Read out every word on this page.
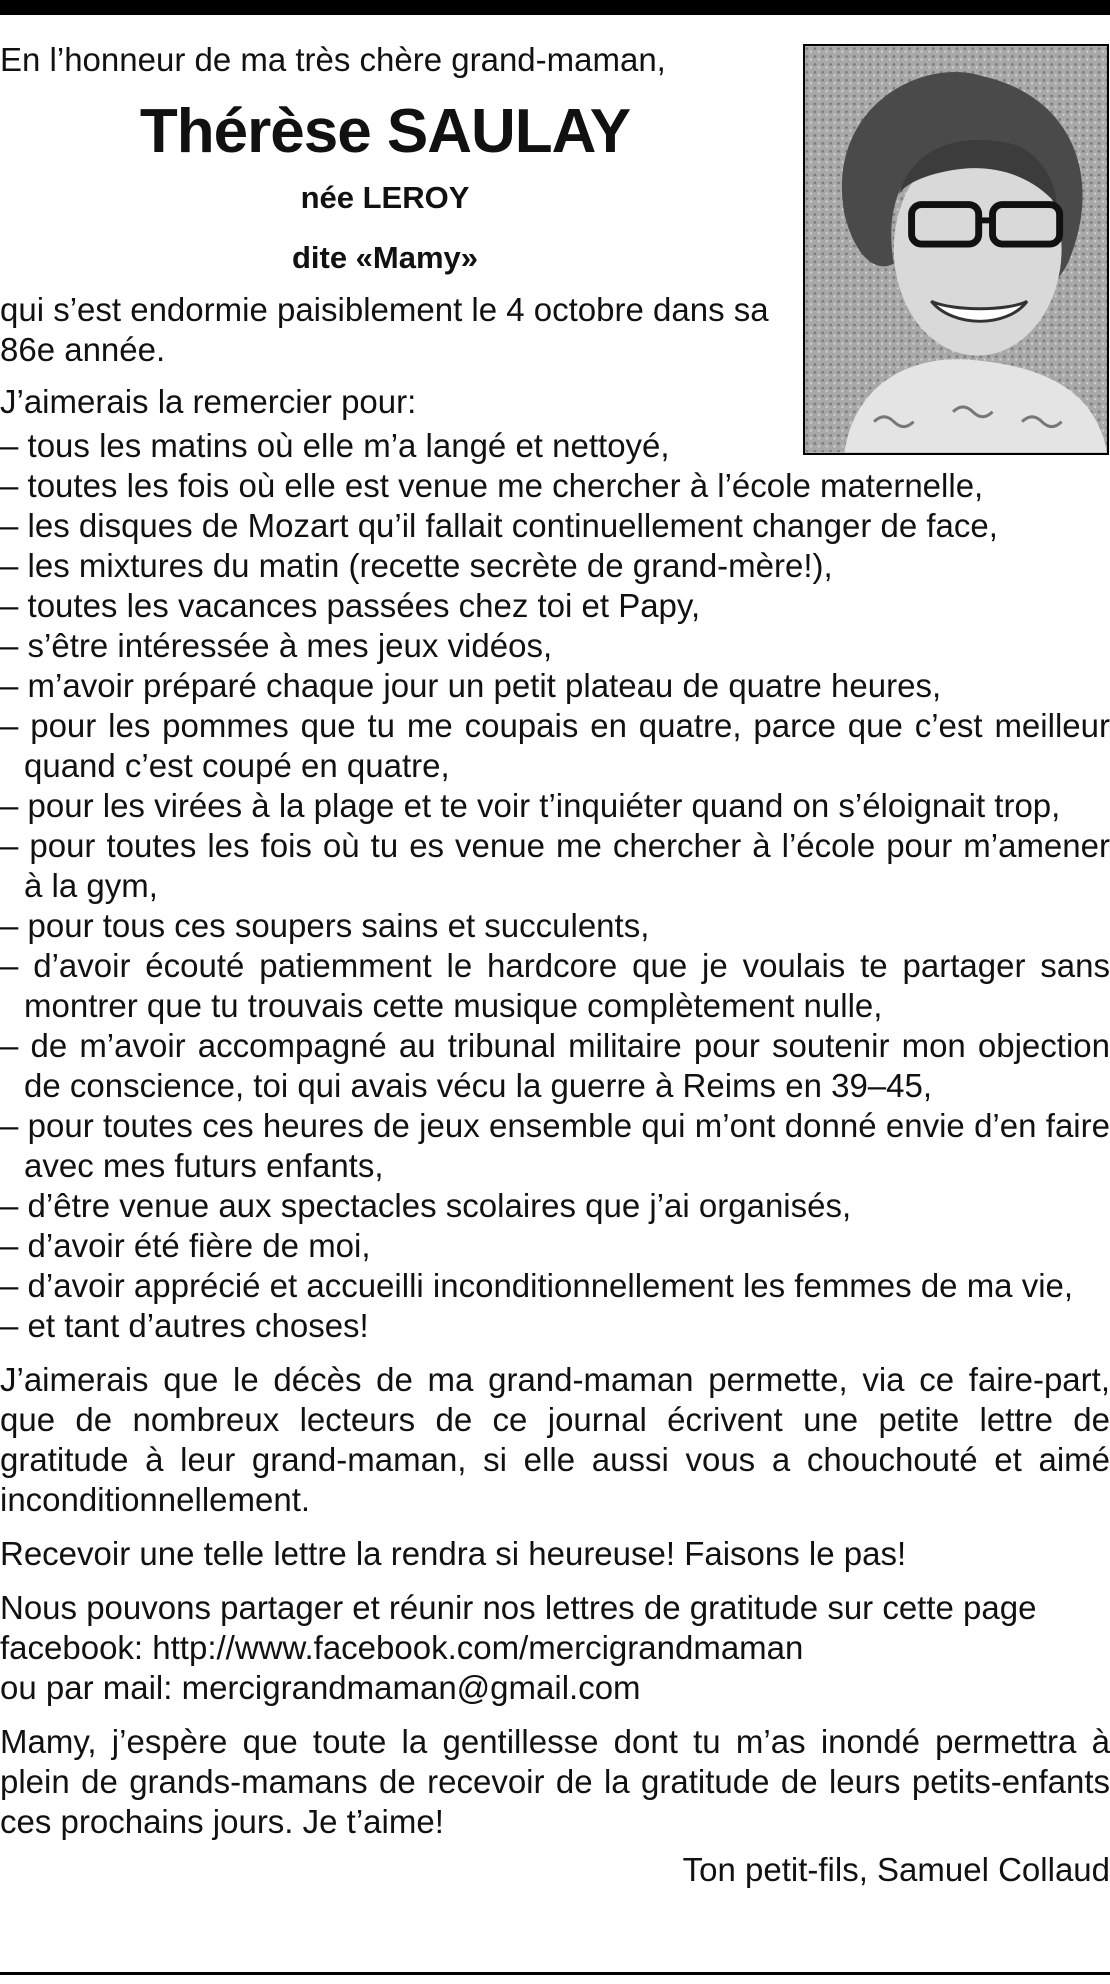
En l’honneur de ma très chère grand-maman,

Thérèse SAULAY
née LEROY
dite «Mamy»

qui s’est endormie paisiblement le 4 octobre dans sa 86e année.

J’aimerais la remercier pour:

– tous les matins où elle m’a langé et nettoyé,
– toutes les fois où elle est venue me chercher à l’école maternelle,
– les disques de Mozart qu’il fallait continuellement changer de face,
– les mixtures du matin (recette secrète de grand-mère!),
– toutes les vacances passées chez toi et Papy,
– s’être intéressée à mes jeux vidéos,
– m’avoir préparé chaque jour un petit plateau de quatre heures,
– pour les pommes que tu me coupais en quatre, parce que c’est meilleur quand c’est coupé en quatre,
– pour les virées à la plage et te voir t’inquiéter quand on s’éloignait trop,
– pour toutes les fois où tu es venue me chercher à l’école pour m’amener à la gym,
– pour tous ces soupers sains et succulents,
– d’avoir écouté patiemment le hardcore que je voulais te partager sans montrer que tu trouvais cette musique complètement nulle,
– de m’avoir accompagné au tribunal militaire pour soutenir mon objection de conscience, toi qui avais vécu la guerre à Reims en 39–45,
– pour toutes ces heures de jeux ensemble qui m’ont donné envie d’en faire avec mes futurs enfants,
– d’être venue aux spectacles scolaires que j’ai organisés,
– d’avoir été fière de moi,
– d’avoir apprécié et accueilli inconditionnellement les femmes de ma vie,
– et tant d’autres choses!

J’aimerais que le décès de ma grand-maman permette, via ce faire-part, que de nombreux lecteurs de ce journal écrivent une petite lettre de gratitude à leur grand-maman, si elle aussi vous a chouchouté et aimé inconditionnellement.

Recevoir une telle lettre la rendra si heureuse! Faisons le pas!

Nous pouvons partager et réunir nos lettres de gratitude sur cette page facebook: http://www.facebook.com/mercigrandmaman
ou par mail: mercigrandmaman@gmail.com

Mamy, j’espère que toute la gentillesse dont tu m’as inondé permettra à plein de grands-mamans de recevoir de la gratitude de leurs petits-enfants ces prochains jours. Je t’aime!

Ton petit-fils, Samuel Collaud
